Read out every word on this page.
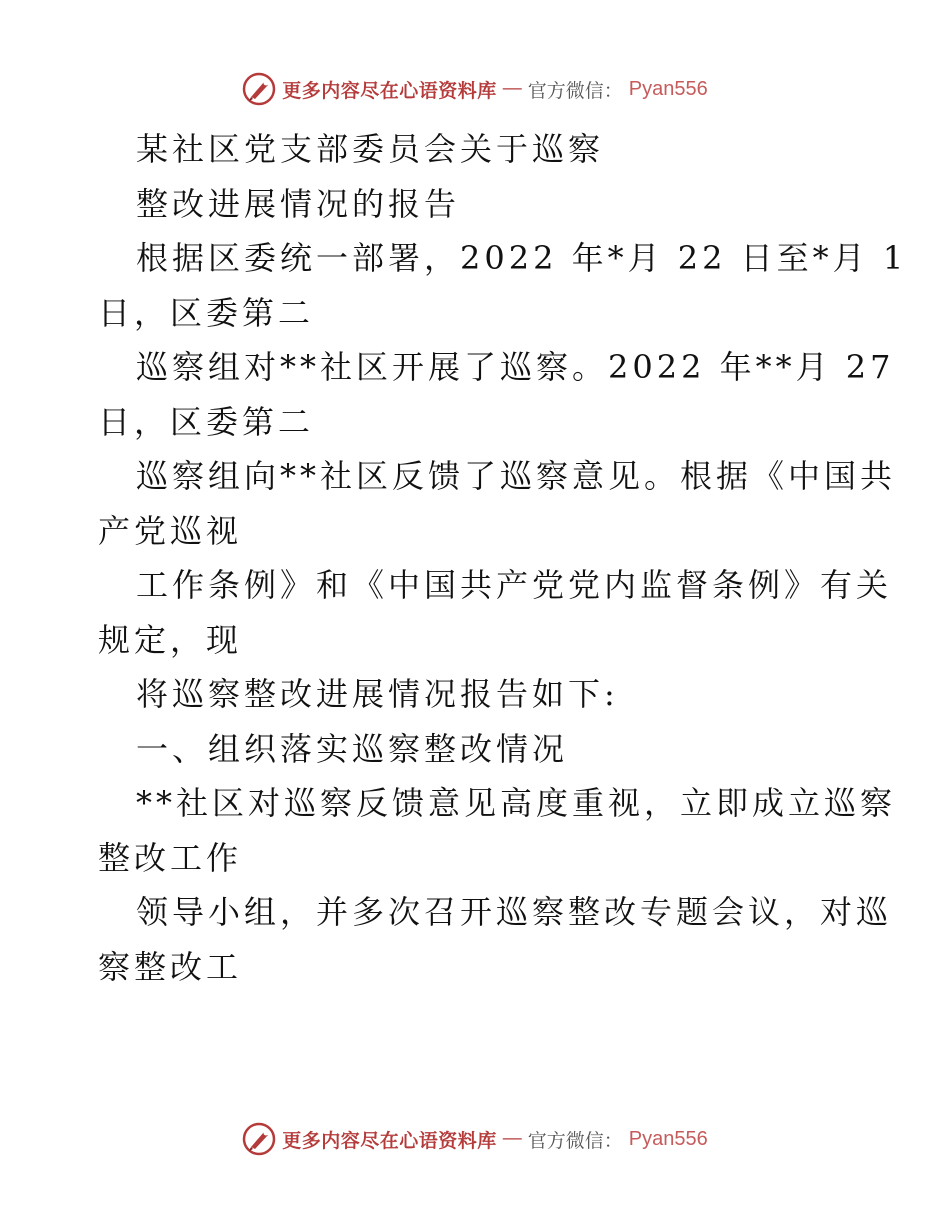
更多内容尽在心语资料库 — 官方微信： Pyan556

某社区党支部委员会关于巡察

整改进展情况的报告

根据区委统一部署，2022 年*月 22 日至*月 1

日，区委第二

巡察组对**社区开展了巡察。2022 年**月 27

日，区委第二

巡察组向**社区反馈了巡察意见。根据《中国共

产党巡视

工作条例》和《中国共产党党内监督条例》有关

规定，现

将巡察整改进展情况报告如下:

一、组织落实巡察整改情况

**社区对巡察反馈意见高度重视，立即成立巡察

整改工作

领导小组，并多次召开巡察整改专题会议，对巡

察整改工

更多内容尽在心语资料库 — 官方微信： Pyan556
